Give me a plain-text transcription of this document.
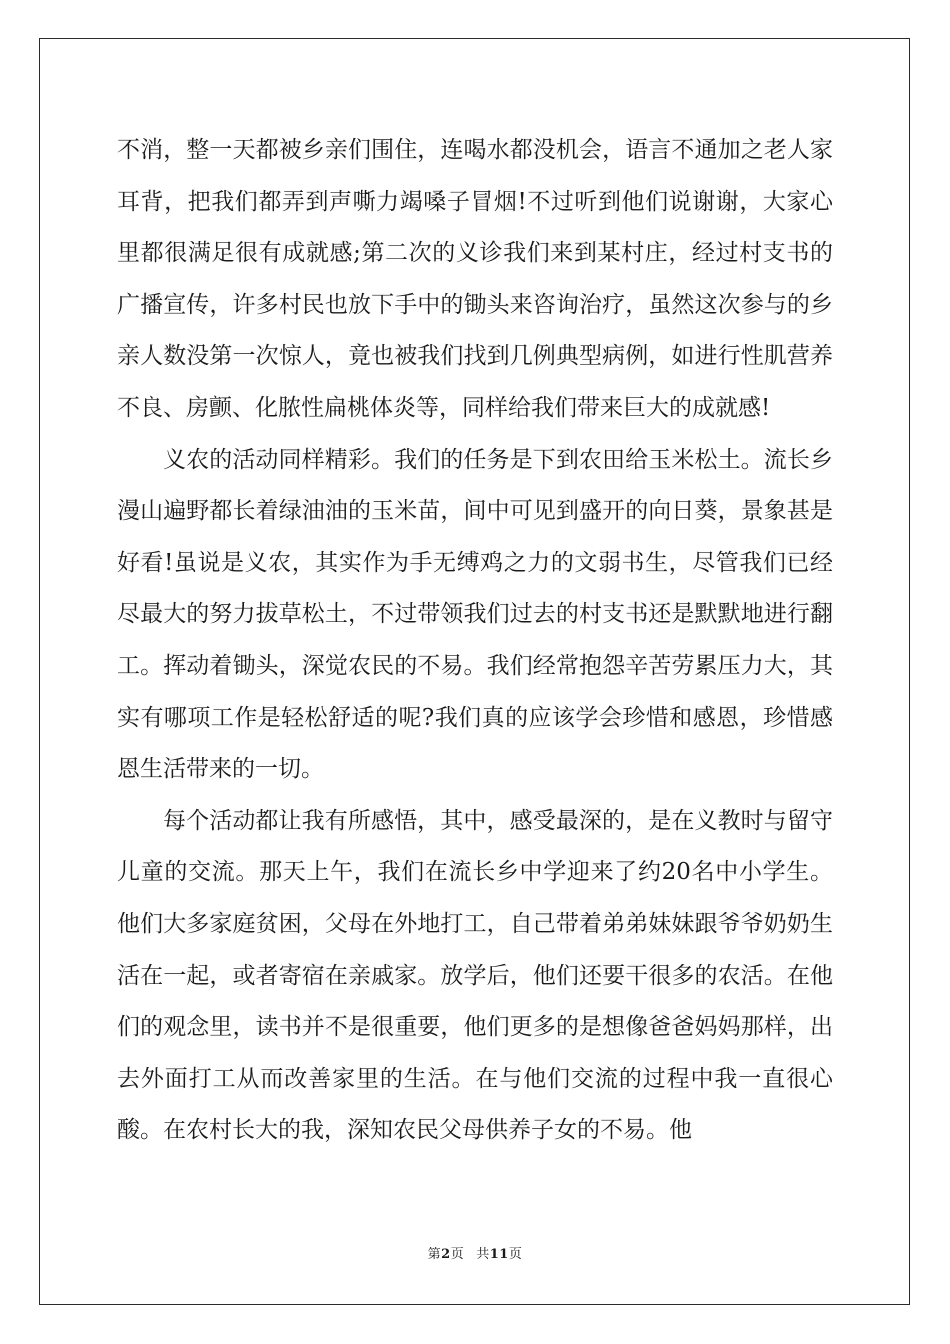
不消，整一天都被乡亲们围住，连喝水都没机会，语言不通加之老人家耳背，把我们都弄到声嘶力竭嗓子冒烟!不过听到他们说谢谢，大家心里都很满足很有成就感;第二次的义诊我们来到某村庄，经过村支书的广播宣传，许多村民也放下手中的锄头来咨询治疗，虽然这次参与的乡亲人数没第一次惊人，竟也被我们找到几例典型病例，如进行性肌营养不良、房颤、化脓性扁桃体炎等，同样给我们带来巨大的成就感!

义农的活动同样精彩。我们的任务是下到农田给玉米松土。流长乡漫山遍野都长着绿油油的玉米苗，间中可见到盛开的向日葵，景象甚是好看!虽说是义农，其实作为手无缚鸡之力的文弱书生，尽管我们已经尽最大的努力拔草松土，不过带领我们过去的村支书还是默默地进行翻工。挥动着锄头，深觉农民的不易。我们经常抱怨辛苦劳累压力大，其实有哪项工作是轻松舒适的呢?我们真的应该学会珍惜和感恩，珍惜感恩生活带来的一切。

每个活动都让我有所感悟，其中，感受最深的，是在义教时与留守儿童的交流。那天上午，我们在流长乡中学迎来了约20名中小学生。他们大多家庭贫困，父母在外地打工，自己带着弟弟妹妹跟爷爷奶奶生活在一起，或者寄宿在亲戚家。放学后，他们还要干很多的农活。在他们的观念里，读书并不是很重要，他们更多的是想像爸爸妈妈那样，出去外面打工从而改善家里的生活。在与他们交流的过程中我一直很心酸。在农村长大的我，深知农民父母供养子女的不易。他

第2页 共11页
